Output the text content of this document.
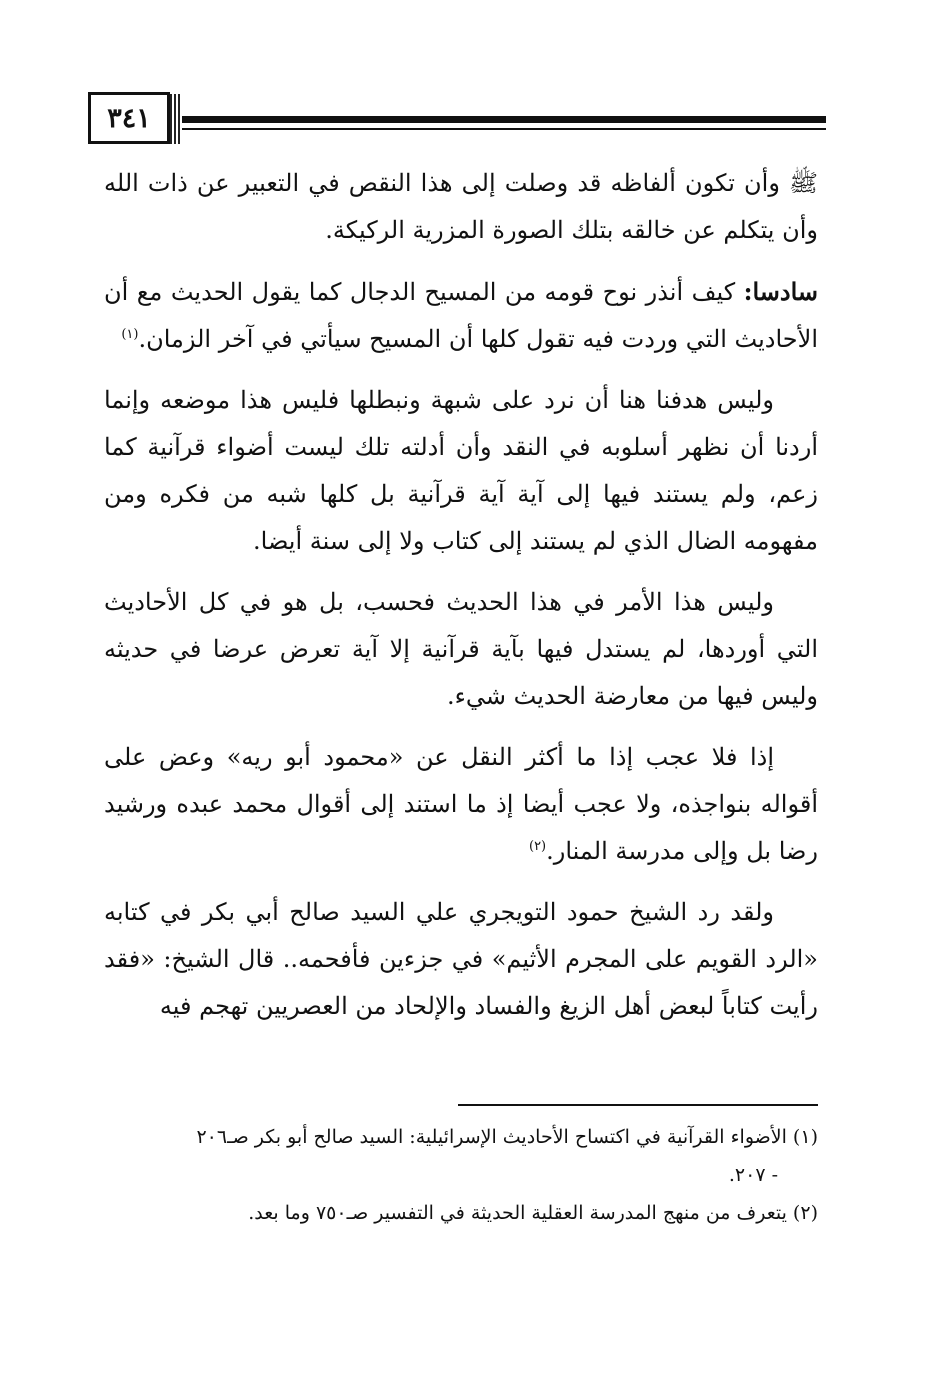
٣٤١

ﷺ وأن تكون ألفاظه قد وصلت إلى هذا النقص في التعبير عن ذات الله وأن يتكلم عن خالقه بتلك الصورة المزرية الركيكة.

سادسا: كيف أنذر نوح قومه من المسيح الدجال كما يقول الحديث مع أن الأحاديث التي وردت فيه تقول كلها أن المسيح سيأتي في آخر الزمان.$^{(١)}$

وليس هدفنا هنا أن نرد على شبهة ونبطلها فليس هذا موضعه وإنما أردنا أن نظهر أسلوبه في النقد وأن أدلته تلك ليست أضواء قرآنية كما زعم، ولم يستند فيها إلى آية آية قرآنية بل كلها شبه من فكره ومن مفهومه الضال الذي لم يستند إلى كتاب ولا إلى سنة أيضا.

وليس هذا الأمر في هذا الحديث فحسب، بل هو في كل الأحاديث التي أوردها، لم يستدل فيها بآية قرآنية إلا آية تعرض عرضا في حديثه وليس فيها من معارضة الحديث شيء.

إذا فلا عجب إذا ما أكثر النقل عن «محمود أبو ريه» وعض على أقواله بنواجذه، ولا عجب أيضا إذ ما استند إلى أقوال محمد عبده ورشيد رضا بل وإلى مدرسة المنار.$^{(٢)}$

ولقد رد الشيخ حمود التويجري علي السيد صالح أبي بكر في كتابه «الرد القويم على المجرم الأثيم» في جزءين فأفحمه.. قال الشيخ: «فقد رأيت كتاباً لبعض أهل الزيغ والفساد والإلحاد من العصريين تهجم فيه

(١) الأضواء القرآنية في اكتساح الأحاديث الإسرائيلية: السيد صالح أبو بكر صـ٢٠٦

- ٢٠٧.

(٢) يتعرف من منهج المدرسة العقلية الحديثة في التفسير صـ٧٥٠ وما بعد.
